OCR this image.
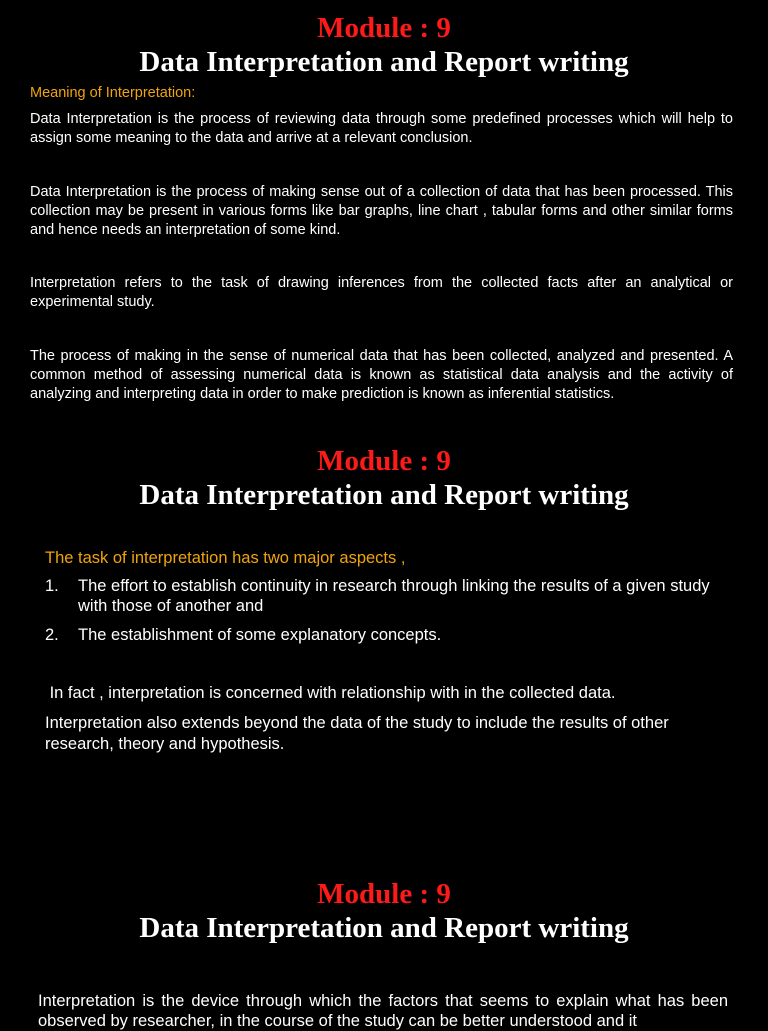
Module : 9
Data Interpretation and Report writing

Meaning of Interpretation:

Data Interpretation is the process of reviewing data through some predefined processes which will help to assign some meaning to the data and arrive at a relevant conclusion.

Data Interpretation is the process of making sense out of a collection of data that has been processed. This collection may be present in various forms like bar graphs, line chart , tabular forms and other similar forms and hence needs an interpretation of some kind.

Interpretation refers to the task of drawing inferences from the collected facts after an analytical or experimental study.

The process of making in the sense of numerical data that has been collected, analyzed and presented. A common method of assessing numerical data is known as statistical data analysis and the activity of analyzing and interpreting data in order to make prediction is known as inferential statistics.

Module : 9
Data Interpretation and Report writing

The task of interpretation has two major aspects ,

1. The effort to establish continuity in research through linking the results of a given study with those of another and
2. The establishment of some explanatory concepts.

In fact , interpretation is concerned with relationship with in the collected data.

Interpretation also extends beyond the data of the study to include the results of other research, theory and hypothesis.

Module : 9
Data Interpretation and Report writing

Interpretation is the device through which the factors that seems to explain what has been observed by researcher, in the course of the study can be better understood and it
